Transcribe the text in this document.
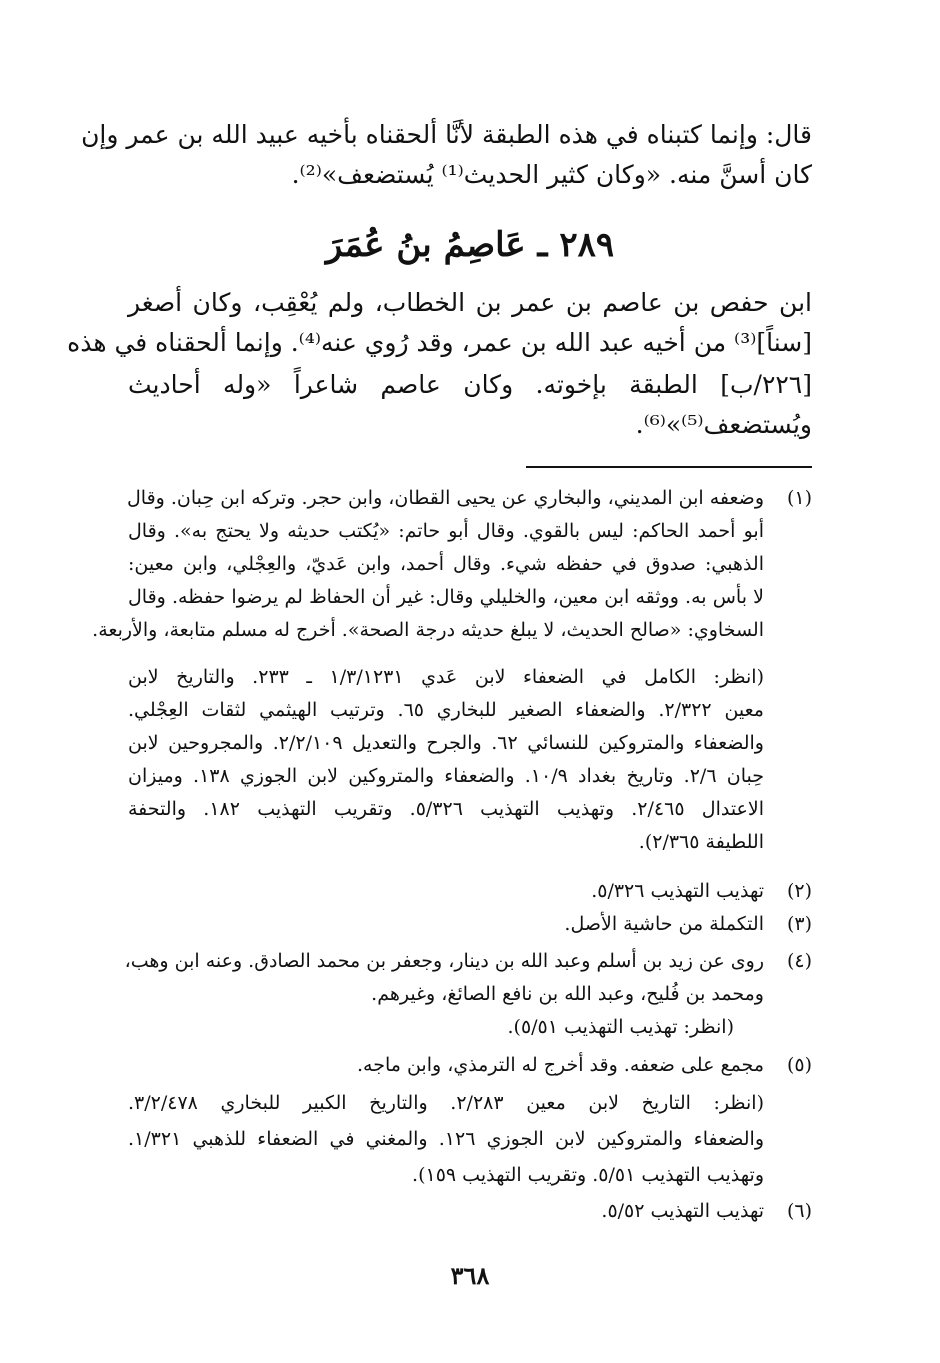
قال: وإنما كتبناه في هذه الطبقة لأنَّا ألحقناه بأخيه عبيد الله بن عمر وإن
كان أسنَّ منه. «وكان كثير الحديث⁽¹⁾ يُستضعف»⁽²⁾.
٢٨٩ ـ عَاصِمُ بنُ عُمَرَ
ابن حفص بن عاصم بن عمر بن الخطاب، ولم يُعْقِب، وكان أصغر
[سناً]⁽³⁾ من أخيه عبد الله بن عمر، وقد رُوي عنه⁽⁴⁾. وإنما ألحقناه في هذه
[٢٢٦/ب] الطبقة بإخوته. وكان عاصم شاعراً «وله أحاديث
ويُستضعف⁽⁵⁾»⁽⁶⁾.
(١)
وضعفه ابن المديني، والبخاري عن يحيى القطان، وابن حجر. وتركه ابن حِبان. وقال
أبو أحمد الحاكم: ليس بالقوي. وقال أبو حاتم: «يُكتب حديثه ولا يحتج به». وقال
الذهبي: صدوق في حفظه شيء. وقال أحمد، وابن عَديّ، والعِجْلي، وابن معين:
لا بأس به. ووثقه ابن معين، والخليلي وقال: غير أن الحفاظ لم يرضوا حفظه. وقال
السخاوي: «صالح الحديث، لا يبلغ حديثه درجة الصحة». أخرج له مسلم متابعة، والأربعة.
(انظر: الكامل في الضعفاء لابن عَدي ١/٣/١٢٣١ ـ ٢٣٣. والتاريخ لابن
معين ٢/٣٢٢. والضعفاء الصغير للبخاري ٦٥. وترتيب الهيثمي لثقات العِجْلي.
والضعفاء والمتروكين للنسائي ٦٢. والجرح والتعديل ٢/٢/١٠٩. والمجروحين لابن
حِبان ٢/٦. وتاريخ بغداد ١٠/٩. والضعفاء والمتروكين لابن الجوزي ١٣٨. وميزان
الاعتدال ٢/٤٦٥. وتهذيب التهذيب ٥/٣٢٦. وتقريب التهذيب ١٨٢. والتحفة
اللطيفة ٢/٣٦٥).
(٢)
تهذيب التهذيب ٥/٣٢٦.
(٣)
التكملة من حاشية الأصل.
(٤)
روى عن زيد بن أسلم وعبد الله بن دينار، وجعفر بن محمد الصادق. وعنه ابن وهب،
ومحمد بن فُليح، وعبد الله بن نافع الصائغ، وغيرهم.
(انظر: تهذيب التهذيب ٥/٥١).
(٥)
مجمع على ضعفه. وقد أخرج له الترمذي، وابن ماجه.
(انظر: التاريخ لابن معين ٢/٢٨٣. والتاريخ الكبير للبخاري ٣/٢/٤٧٨.
والضعفاء والمتروكين لابن الجوزي ١٢٦. والمغني في الضعفاء للذهبي ١/٣٢١.
وتهذيب التهذيب ٥/٥١. وتقريب التهذيب ١٥٩).
(٦)
تهذيب التهذيب ٥/٥٢.
٣٦٨
